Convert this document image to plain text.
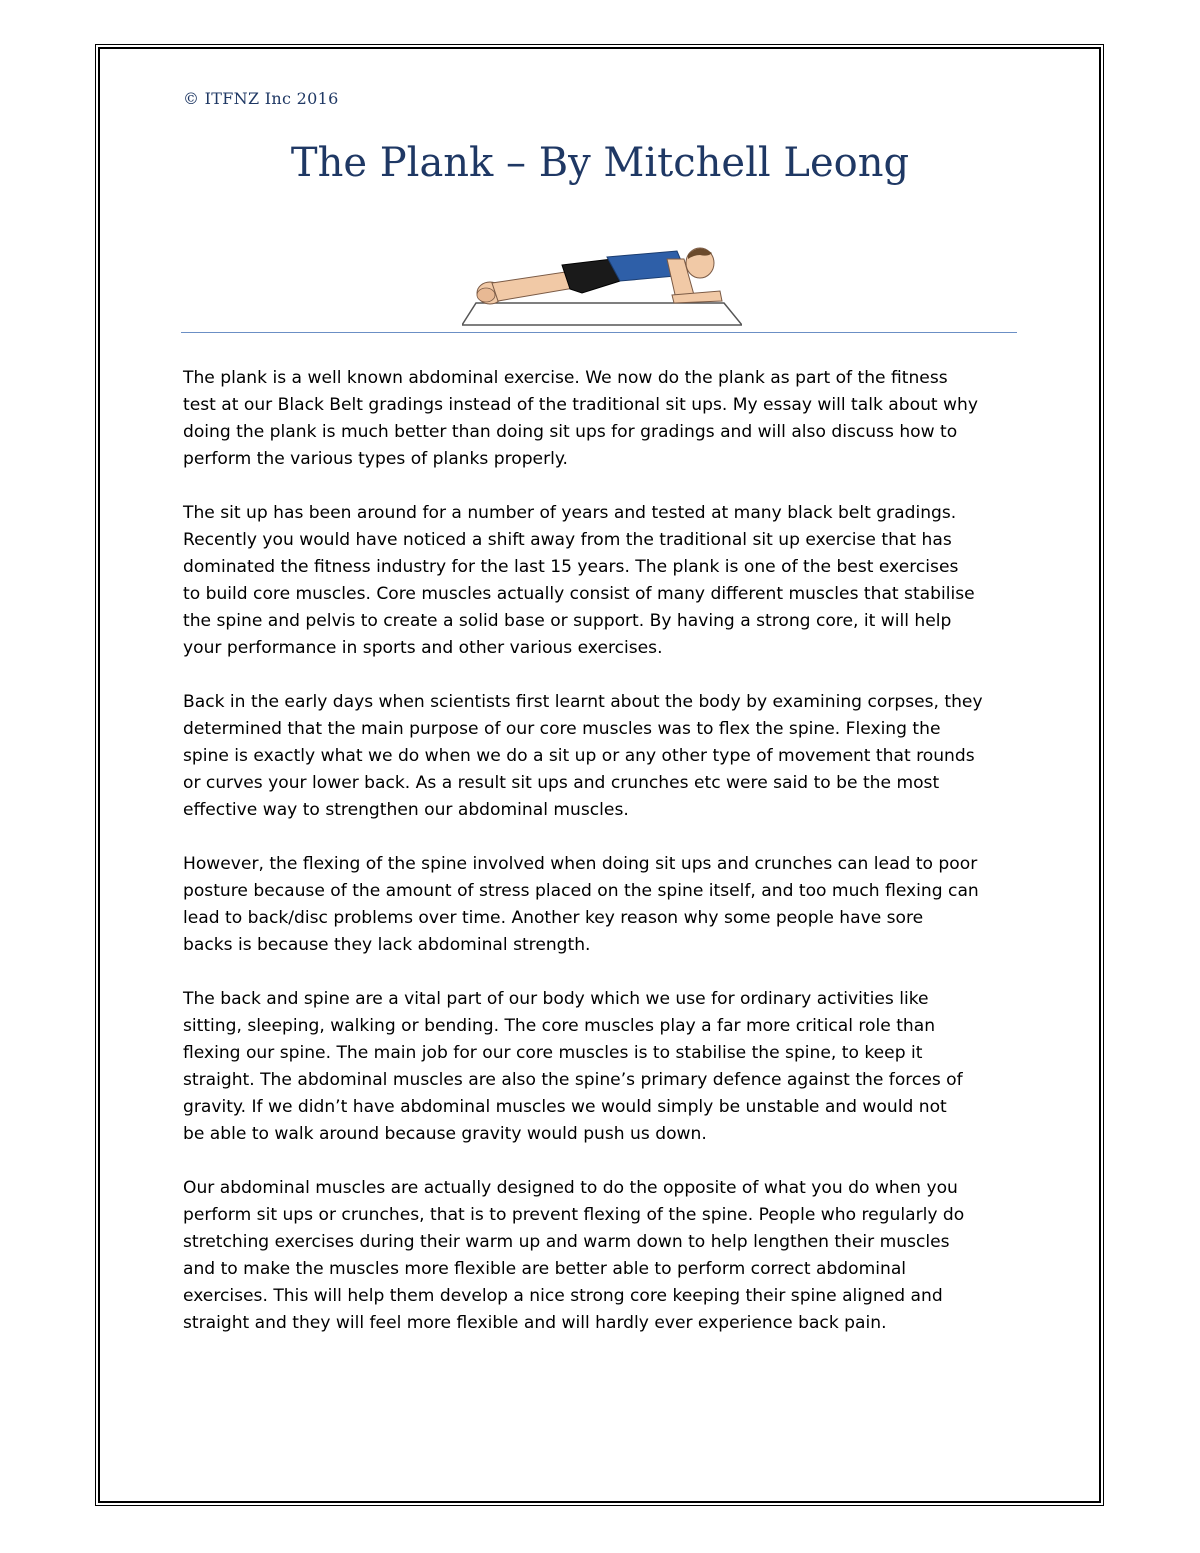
© ITFNZ Inc 2016
The Plank – By Mitchell Leong

The plank is a well known abdominal exercise. We now do the plank as part of the fitness
test at our Black Belt gradings instead of the traditional sit ups. My essay will talk about why
doing the plank is much better than doing sit ups for gradings and will also discuss how to
perform the various types of planks properly.

The sit up has been around for a number of years and tested at many black belt gradings.
Recently you would have noticed a shift away from the traditional sit up exercise that has
dominated the fitness industry for the last 15 years. The plank is one of the best exercises
to build core muscles. Core muscles actually consist of many different muscles that stabilise
the spine and pelvis to create a solid base or support. By having a strong core, it will help
your performance in sports and other various exercises.

Back in the early days when scientists first learnt about the body by examining corpses, they
determined that the main purpose of our core muscles was to flex the spine. Flexing the
spine is exactly what we do when we do a sit up or any other type of movement that rounds
or curves your lower back. As a result sit ups and crunches etc were said to be the most
effective way to strengthen our abdominal muscles.

However, the flexing of the spine involved when doing sit ups and crunches can lead to poor
posture because of the amount of stress placed on the spine itself, and too much flexing can
lead to back/disc problems over time. Another key reason why some people have sore
backs is because they lack abdominal strength.

The back and spine are a vital part of our body which we use for ordinary activities like
sitting, sleeping, walking or bending. The core muscles play a far more critical role than
flexing our spine. The main job for our core muscles is to stabilise the spine, to keep it
straight. The abdominal muscles are also the spine’s primary defence against the forces of
gravity. If we didn’t have abdominal muscles we would simply be unstable and would not
be able to walk around because gravity would push us down.

Our abdominal muscles are actually designed to do the opposite of what you do when you
perform sit ups or crunches, that is to prevent flexing of the spine. People who regularly do
stretching exercises during their warm up and warm down to help lengthen their muscles
and to make the muscles more flexible are better able to perform correct abdominal
exercises. This will help them develop a nice strong core keeping their spine aligned and
straight and they will feel more flexible and will hardly ever experience back pain.
